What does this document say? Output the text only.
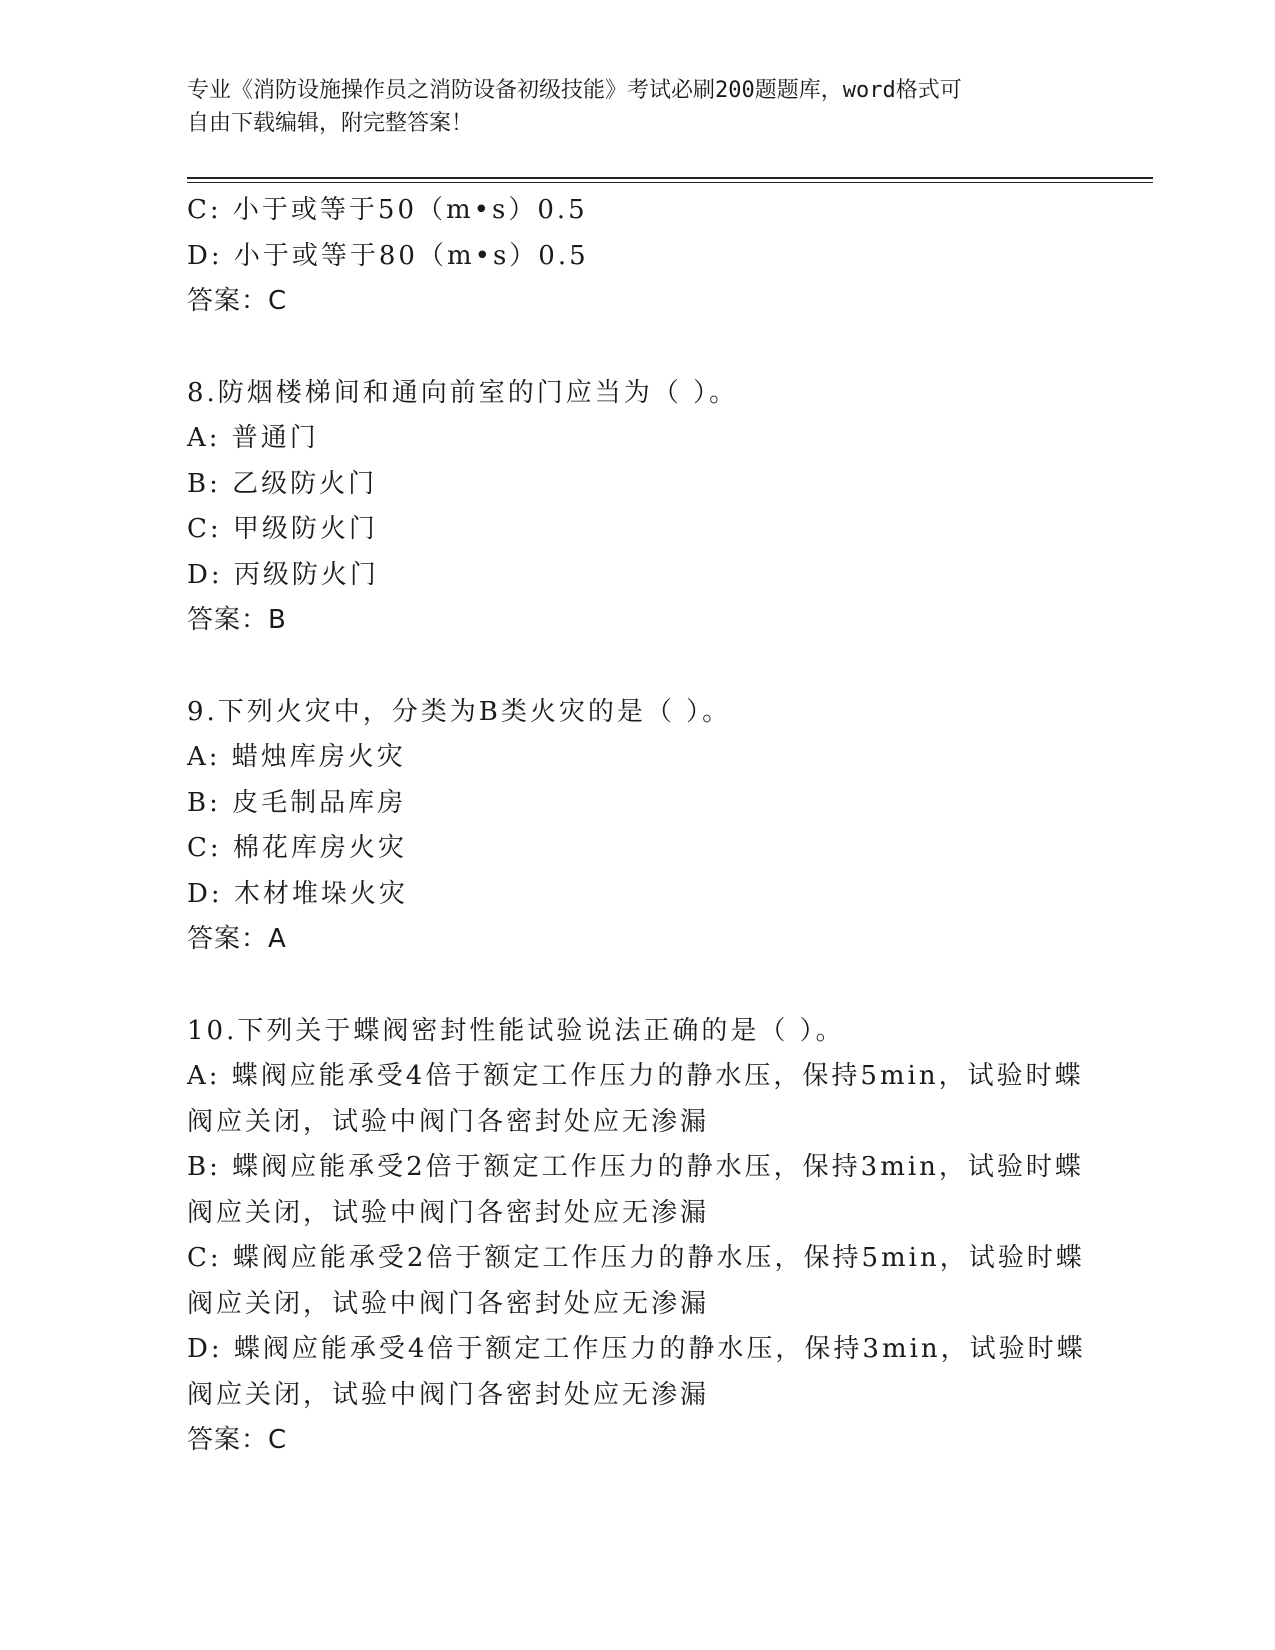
专业《消防设施操作员之消防设备初级技能》考试必刷200题题库，word格式可
自由下载编辑，附完整答案！
C: 小于或等于50（m•s）0.5
D: 小于或等于80（m•s）0.5
答案：C
8.防烟楼梯间和通向前室的门应当为（ ）。
A: 普通门
B: 乙级防火门
C: 甲级防火门
D: 丙级防火门
答案：B
9.下列火灾中，分类为B类火灾的是（ ）。
A: 蜡烛库房火灾
B: 皮毛制品库房
C: 棉花库房火灾
D: 木材堆垛火灾
答案：A
10.下列关于蝶阀密封性能试验说法正确的是（ ）。
A: 蝶阀应能承受4倍于额定工作压力的静水压，保持5min，试验时蝶
阀应关闭，试验中阀门各密封处应无渗漏
B: 蝶阀应能承受2倍于额定工作压力的静水压，保持3min，试验时蝶
阀应关闭，试验中阀门各密封处应无渗漏
C: 蝶阀应能承受2倍于额定工作压力的静水压，保持5min，试验时蝶
阀应关闭，试验中阀门各密封处应无渗漏
D: 蝶阀应能承受4倍于额定工作压力的静水压，保持3min，试验时蝶
阀应关闭，试验中阀门各密封处应无渗漏
答案：C
